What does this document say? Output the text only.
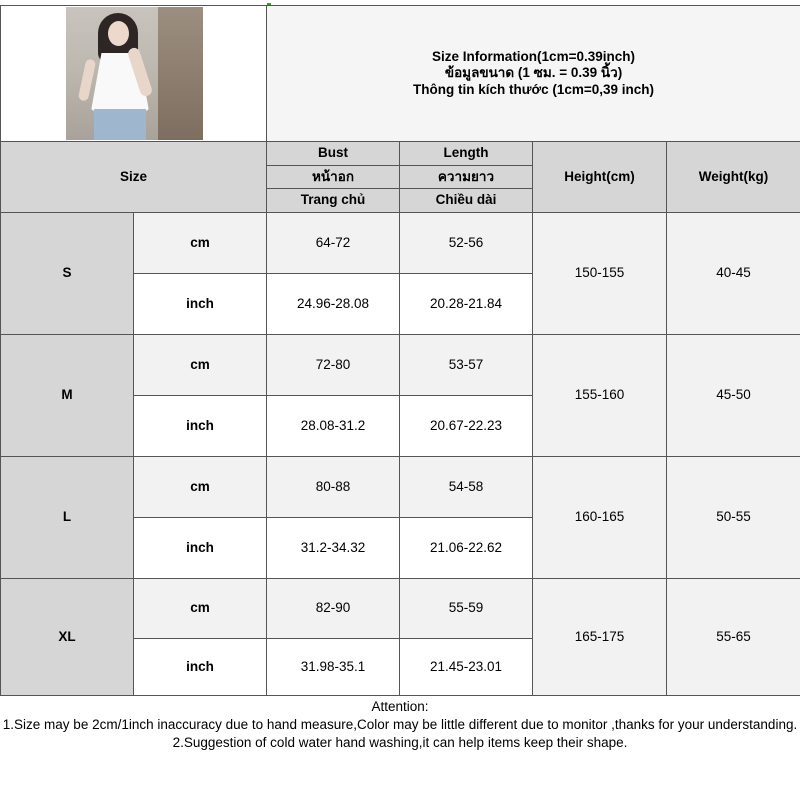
		Size Information(1cm=0.39inch)
ข้อมูลขนาด (1 ซม. = 0.39 นิ้ว)
Thông tin kích thước (1cm=0,39 inch)			

Size		Bust	Length	Height(cm)	Weight(kg)
		หน้าอก	ความยาว		
		Trang chủ	Chiều dài		
S	cm	64-72	52-56	150-155	40-45
	inch	24.96-28.08	20.28-21.84		
M	cm	72-80	53-57	155-160	45-50
	inch	28.08-31.2	20.67-22.23		
L	cm	80-88	54-58	160-165	50-55
	inch	31.2-34.32	21.06-22.62		
XL	cm	82-90	55-59	165-175	55-65
	inch	31.98-35.1	21.45-23.01		
Attention:
1.Size may be 2cm/1inch inaccuracy due to hand measure,Color may be little different due to monitor ,thanks for your understanding.
2.Suggestion of cold water hand washing,it can help items keep their shape.
